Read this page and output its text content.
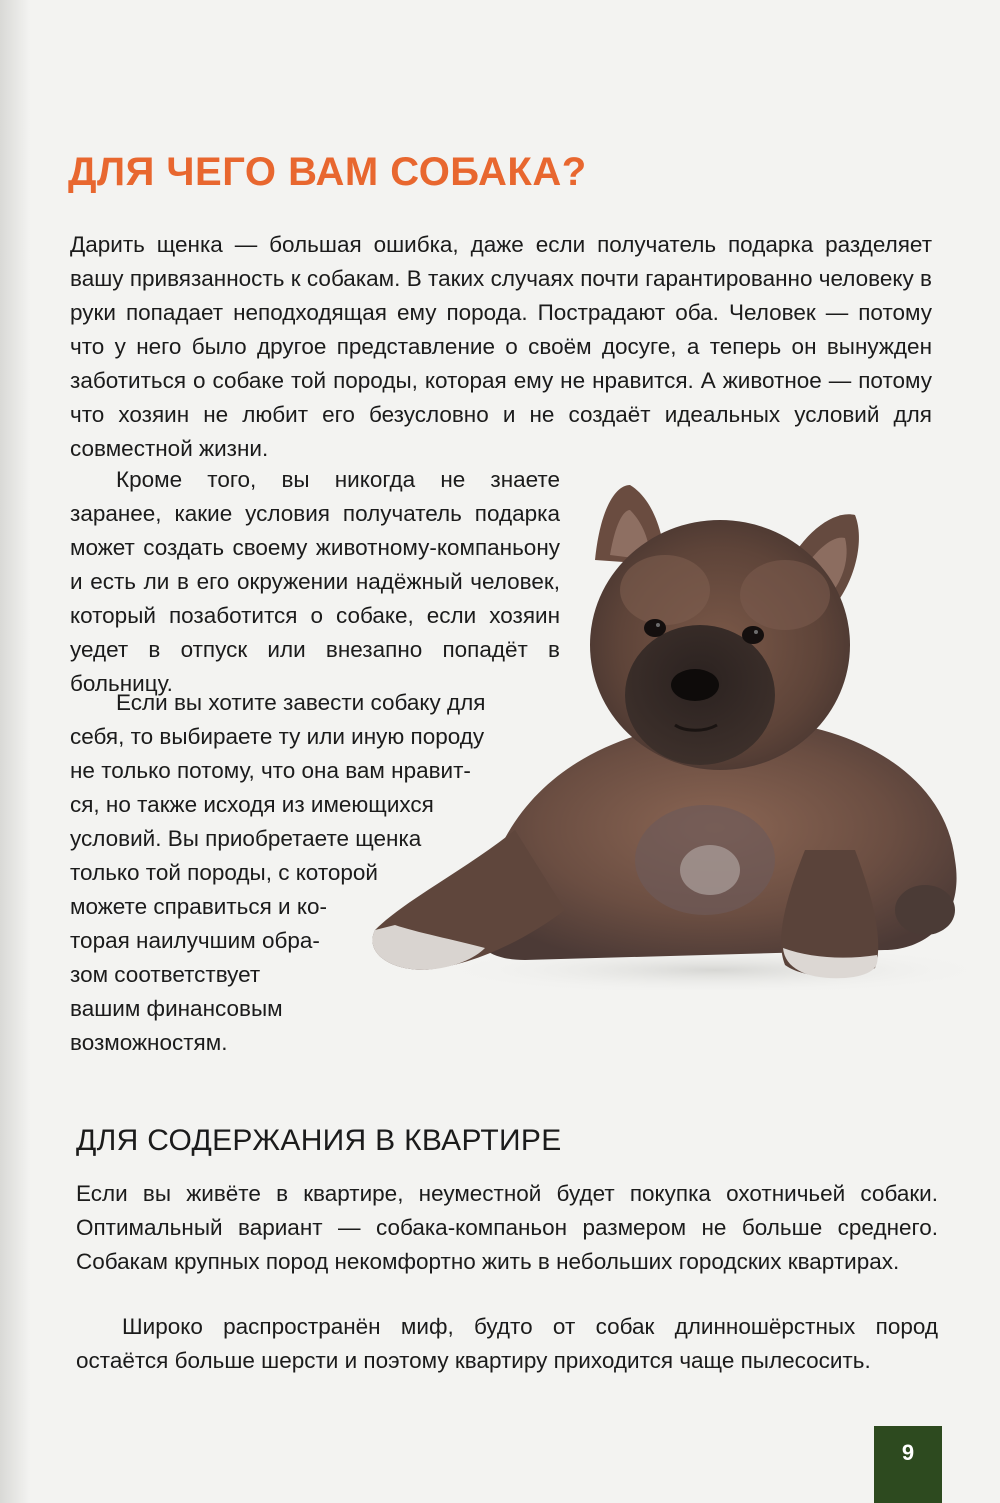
ДЛЯ ЧЕГО ВАМ СОБАКА?

Дарить щенка — большая ошибка, даже если получатель подарка разделяет вашу привязанность к собакам. В таких случаях почти гарантированно человеку в руки попадает неподходящая ему порода. Пострадают оба. Человек — потому что у него было другое представление о своём досуге, а теперь он вынужден заботиться о собаке той породы, которая ему не нравится. А животное — потому что хозяин не любит его безусловно и не создаёт идеальных условий для совместной жизни.

Кроме того, вы никогда не знаете заранее, какие условия получатель подарка может создать своему животному-компаньону и есть ли в его окружении надёжный человек, который позаботится о собаке, если хозяин уедет в отпуск или внезапно попадёт в больницу.

Если вы хотите завести собаку для
себя, то выбираете ту или иную породу
не только потому, что она вам нравит-
ся, но также исходя из имеющихся
условий. Вы приобретаете щенка
только той породы, с которой
можете справиться и ко-
торая наилучшим обра-
зом соответствует
вашим финансовым
возможностям.
ДЛЯ СОДЕРЖАНИЯ В КВАРТИРЕ

Если вы живёте в квартире, неуместной будет покупка охотничьей собаки. Оптимальный вариант — собака-компаньон размером не больше среднего. Собакам крупных пород некомфортно жить в небольших городских квартирах.

Широко распространён миф, будто от собак длинношёрстных пород остаётся больше шерсти и поэтому квартиру приходится чаще пылесосить.

9
